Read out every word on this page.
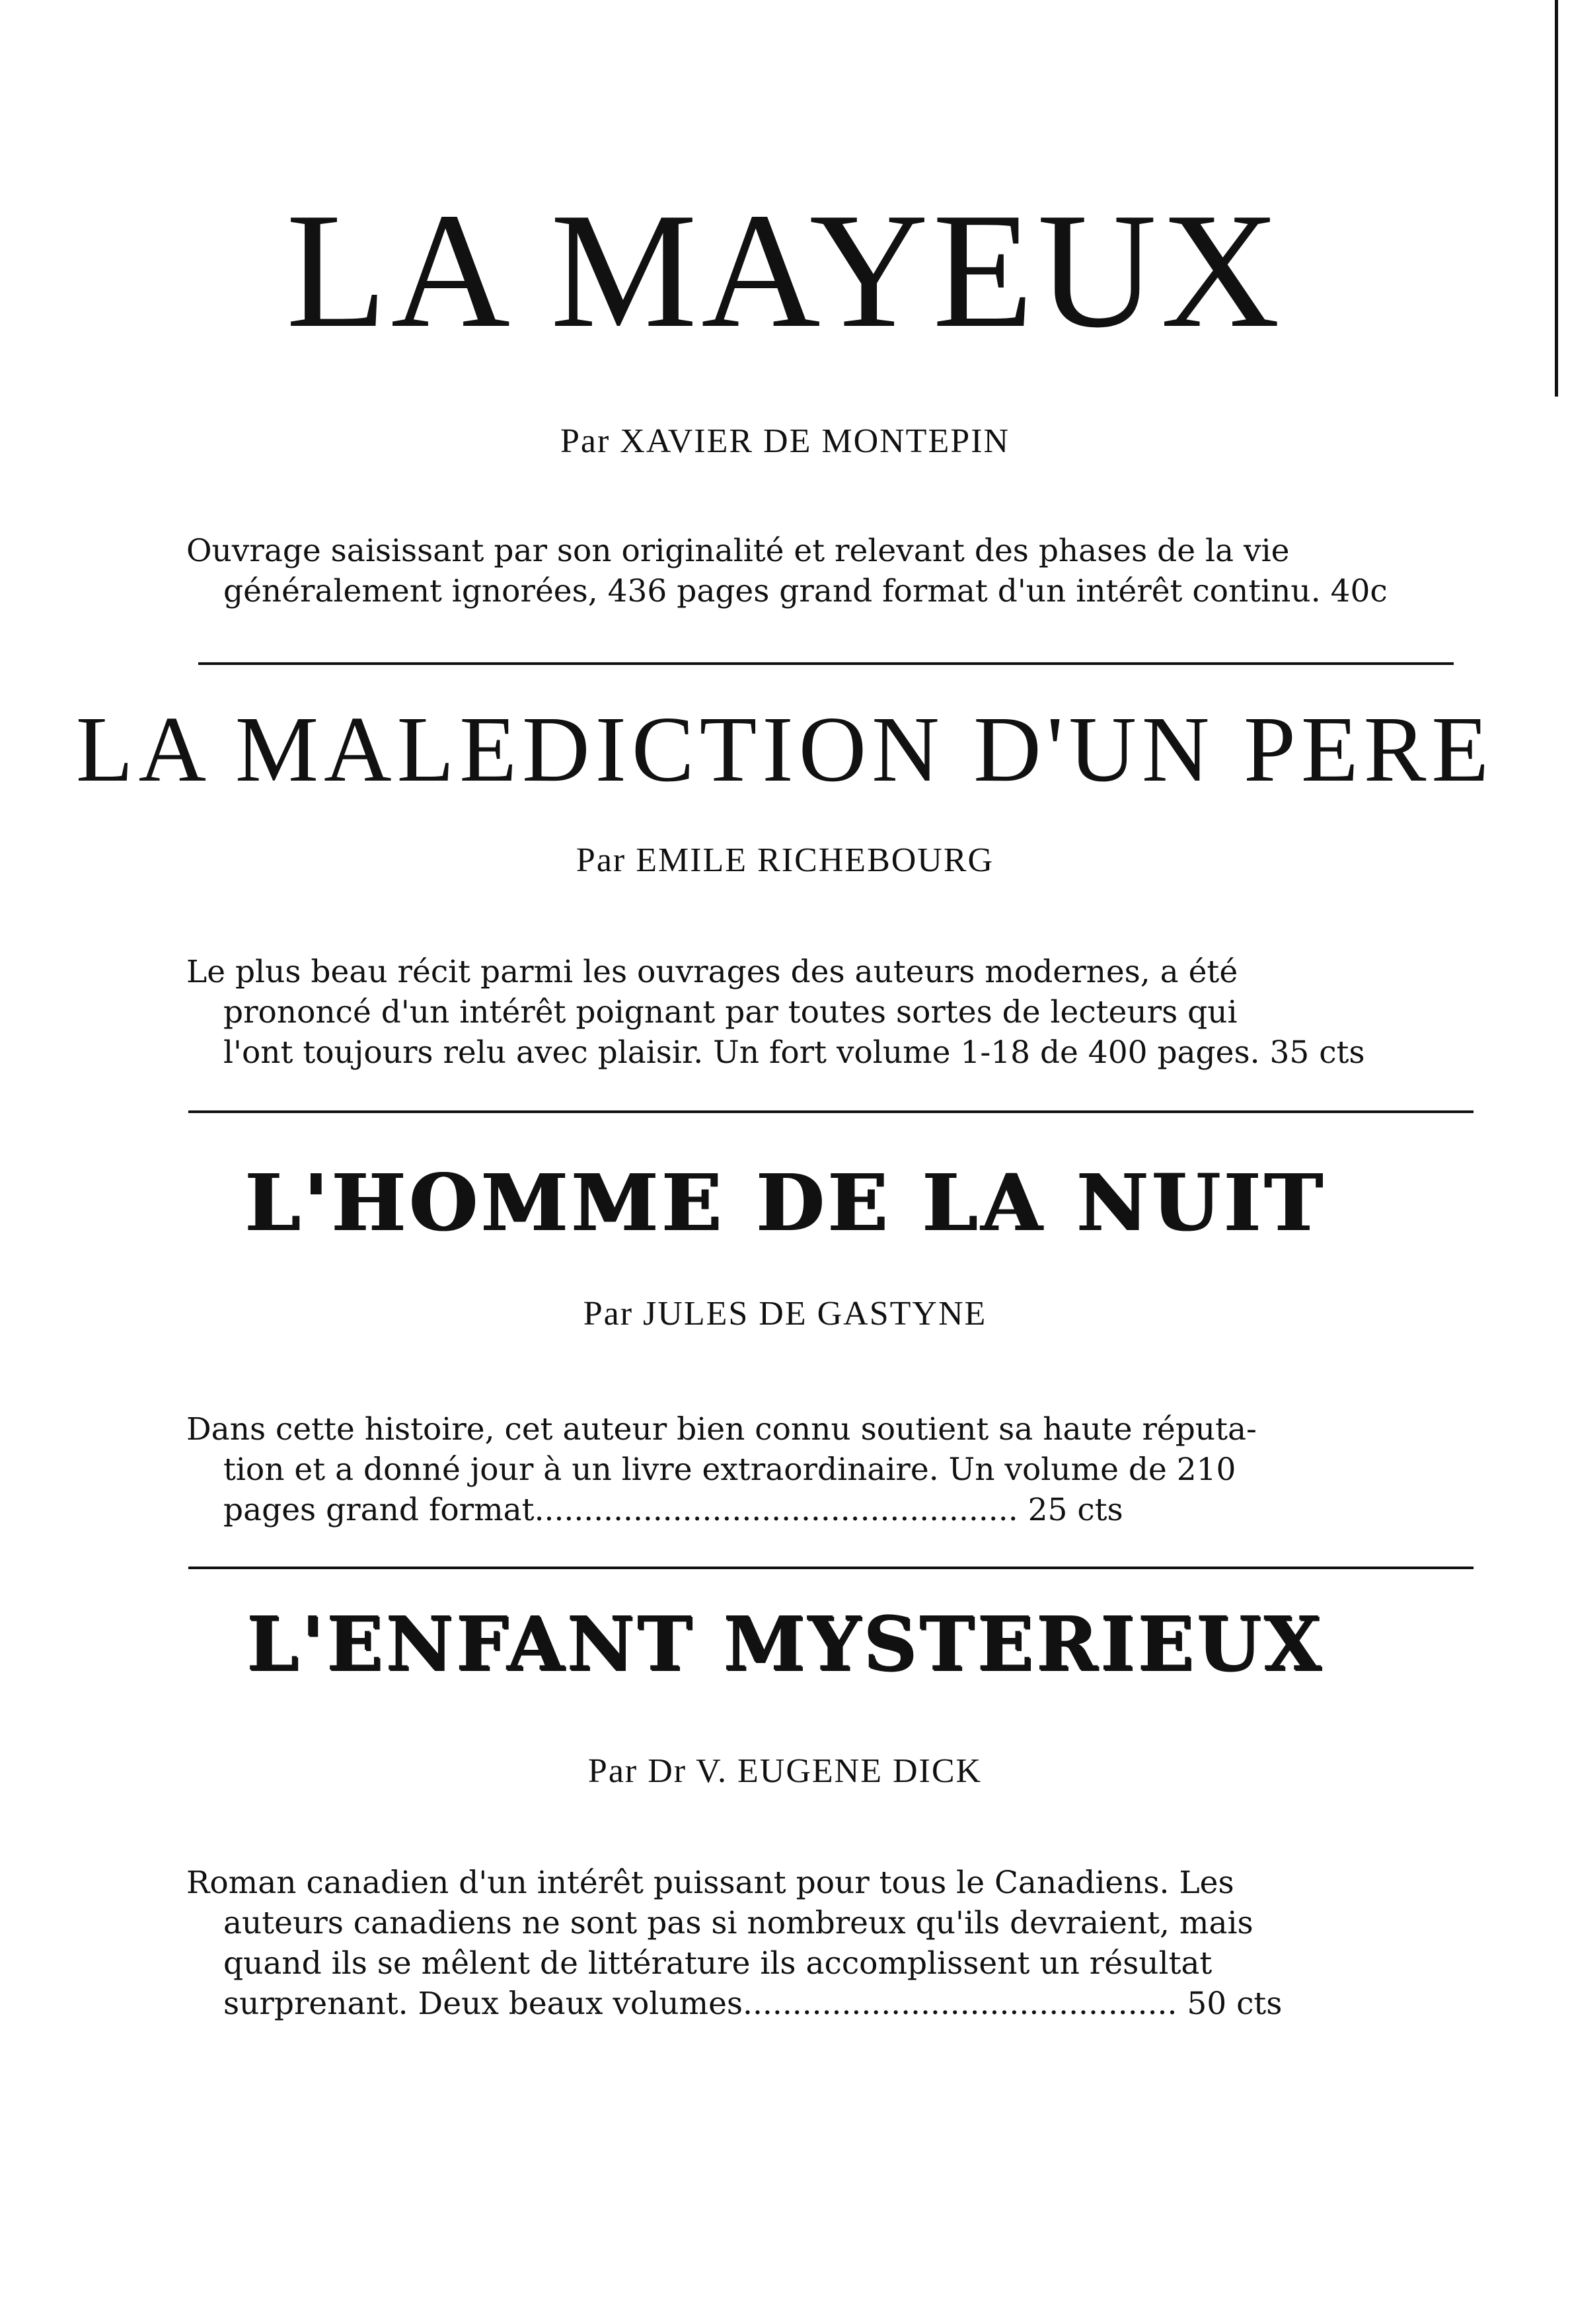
LA MAYEUX
Par XAVIER DE MONTEPIN
Ouvrage saisissant par son originalité et relevant des phases de la vie
généralement ignorées, 436 pages grand format d'un intérêt continu. 40c
LA MALEDICTION D'UN PERE
Par EMILE RICHEBOURG
Le plus beau récit parmi les ouvrages des auteurs modernes, a été
prononcé d'un intérêt poignant par toutes sortes de lecteurs qui
l'ont toujours relu avec plaisir. Un fort volume 1-18 de 400 pages. 35 cts
L'HOMME DE LA NUIT
Par JULES DE GASTYNE
Dans cette histoire, cet auteur bien connu soutient sa haute réputa-
tion et a donné jour à un livre extraordinaire. Un volume de 210
pages grand format................................................. 25 cts
L'ENFANT MYSTERIEUX
Par Dr V. EUGENE DICK
Roman canadien d'un intérêt puissant pour tous le Canadiens. Les
auteurs canadiens ne sont pas si nombreux qu'ils devraient, mais
quand ils se mêlent de littérature ils accomplissent un résultat
surprenant. Deux beaux volumes............................................ 50 cts
